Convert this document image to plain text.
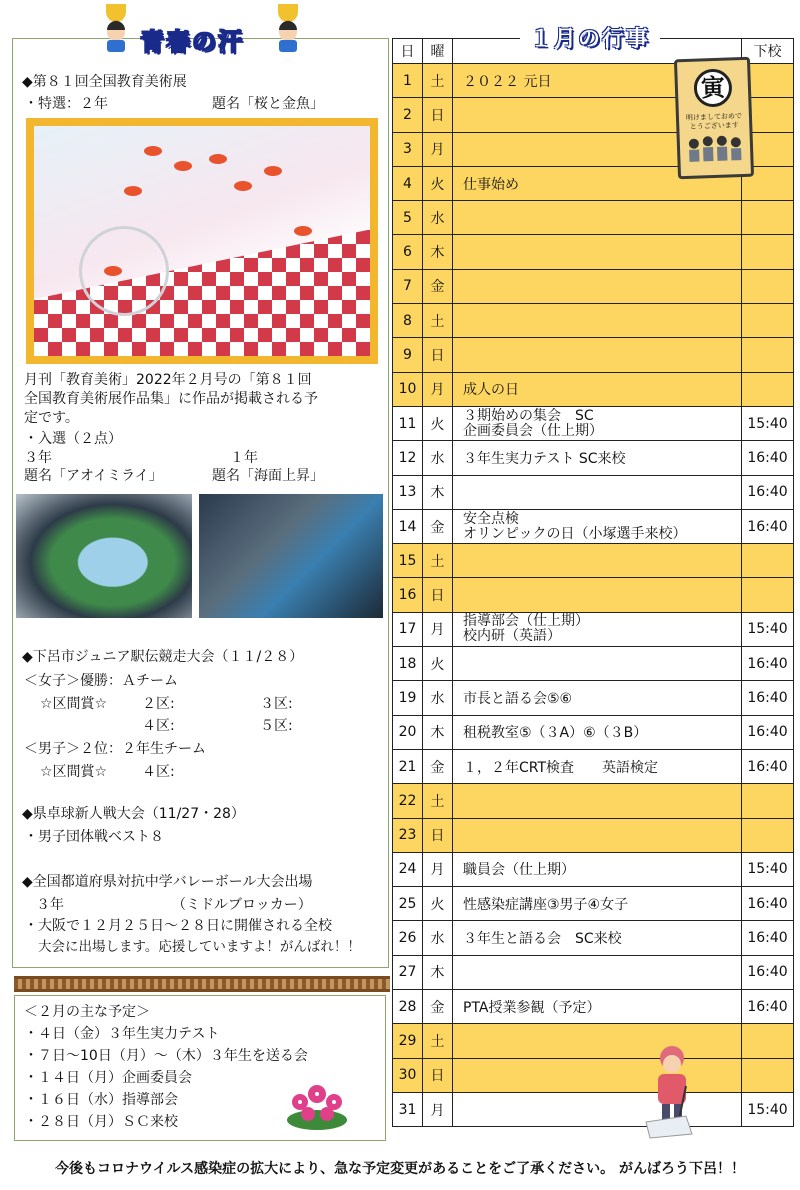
青春の汗
◆第８１回全国教育美術展
・特選：２年	題名「桜と金魚」
月刊「教育美術」2022年２月号の「第８１回
全国教育美術展作品集」に作品が掲載される予
定です。
・入選（２点）
３年	１年
題名「アオイミライ」	題名「海面上昇」
◆下呂市ジュニア駅伝競走大会（１１/２８）
＜女子＞優勝：Ａチーム
☆区間賞☆ ２区:	３区:
４区:	５区:
＜男子＞２位：２年生チーム
☆区間賞☆ ４区:
◆県卓球新人戦大会（11/27・28）
・男子団体戦ベスト８
◆全国都道府県対抗中学バレーボール大会出場
３年	（ミドルブロッカー）
・大阪で１２月２５日～２８日に開催される全校
大会に出場します。応援していますよ！がんばれ！！
＜２月の主な予定＞
・４日（金）３年生実力テスト
・７日～10日（月）～（木）３年生を送る会
・１４日（月）企画委員会
・１６日（水）指導部会
・２８日（月）ＳＣ来校
日	曜		下校
1	土	２０２２ 元日	
2	日		
3	月		
4	火	仕事始め	
5	水		
6	木		
7	金		
8	土		
9	日		
10	月	成人の日	
11	火	３期始めの集会　SC
企画委員会（仕上期）	15:40
12	水	３年生実力テスト SC来校	16:40
13	木		16:40
14	金	安全点検
オリンピックの日（小塚選手来校）	16:40
15	土		
16	日		
17	月	指導部会（仕上期）
校内研（英語）	15:40
18	火		16:40
19	水	市長と語る会⑤⑥	16:40
20	木	租税教室⑤（３A）⑥（３B）	16:40
21	金	１，２年CRT検査　　英語検定	16:40
22	土		
23	日		
24	月	職員会（仕上期）	15:40
25	火	性感染症講座③男子④女子	16:40
26	水	３年生と語る会　SC来校	16:40
27	木		16:40
28	金	PTA授業参観（予定）	16:40
29	土		
30	日		
31	月		15:40
１月の行事
寅
明けましておめでとうございます
今後もコロナウイルス感染症の拡大により、急な予定変更があることをご了承ください。 がんばろう下呂！！
